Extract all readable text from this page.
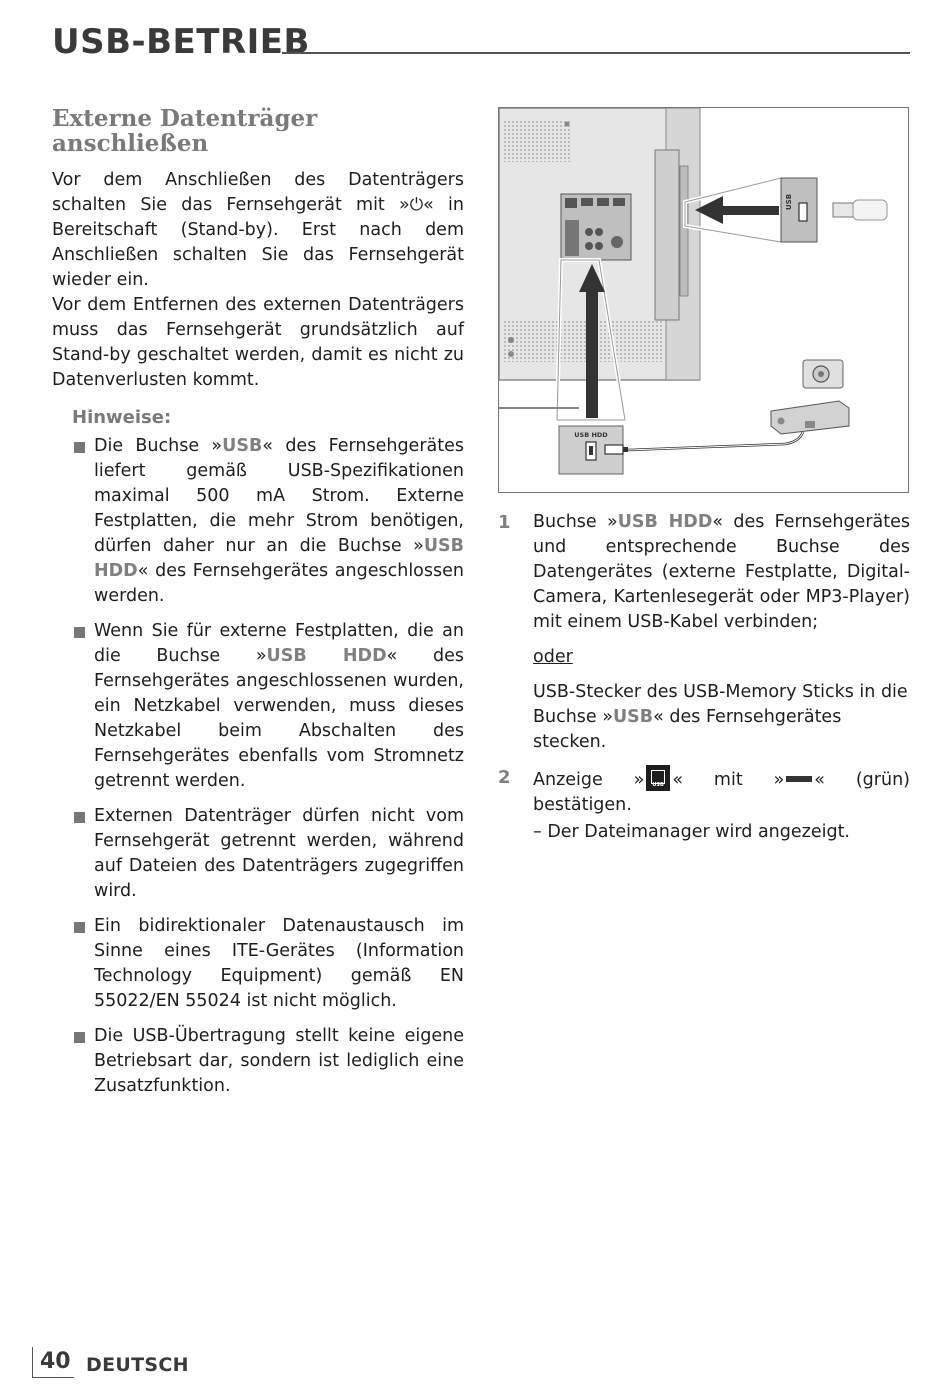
USB-BETRIEB
Externe Datenträger
anschließen

Vor dem Anschließen des Datenträgers schalten Sie das Fernsehgerät mit »⏻« in Bereitschaft (Stand-by). Erst nach dem Anschließen schalten Sie das Fernsehgerät wieder ein.

Vor dem Entfernen des externen Datenträgers muss das Fernsehgerät grundsätzlich auf Stand-by geschaltet werden, damit es nicht zu Datenverlusten kommt.

Hinweise:
Die Buchse »USB« des Fernsehgerätes liefert gemäß USB-Spezifikationen maximal 500 mA Strom. Externe Festplatten, die mehr Strom benötigen, dürfen daher nur an die Buchse »USB HDD« des Fernsehgerätes angeschlossen werden.
Wenn Sie für externe Festplatten, die an die Buchse »USB HDD« des Fernsehgerätes angeschlossenen wurden, ein Netzkabel verwenden, muss dieses Netzkabel beim Abschalten des Fernsehgerätes ebenfalls vom Stromnetz getrennt werden.
Externen Datenträger dürfen nicht vom Fernsehgerät getrennt werden, während auf Dateien des Datenträgers zugegriffen wird.
Ein bidirektionaler Datenaustausch im Sinne eines ITE-Gerätes (Information Technology Equipment) gemäß EN 55022/EN 55024 ist nicht möglich.
Die USB-Übertragung stellt keine eigene Betriebsart dar, sondern ist lediglich eine Zusatzfunktion.
USB HDD
USB
1 Buchse »USB HDD« des Fernsehgerätes und entsprechende Buchse des Datengerätes (externe Festplatte, Digital-Camera, Kartenlesegerät oder MP3-Player) mit einem USB-Kabel verbinden;
oder
USB-Stecker des USB-Memory Sticks in die Buchse »USB« des Fernsehgerätes stecken.
2 Anzeige » USB « mit » « (grün) bestätigen.
– Der Dateimanager wird angezeigt.
40 DEUTSCH
